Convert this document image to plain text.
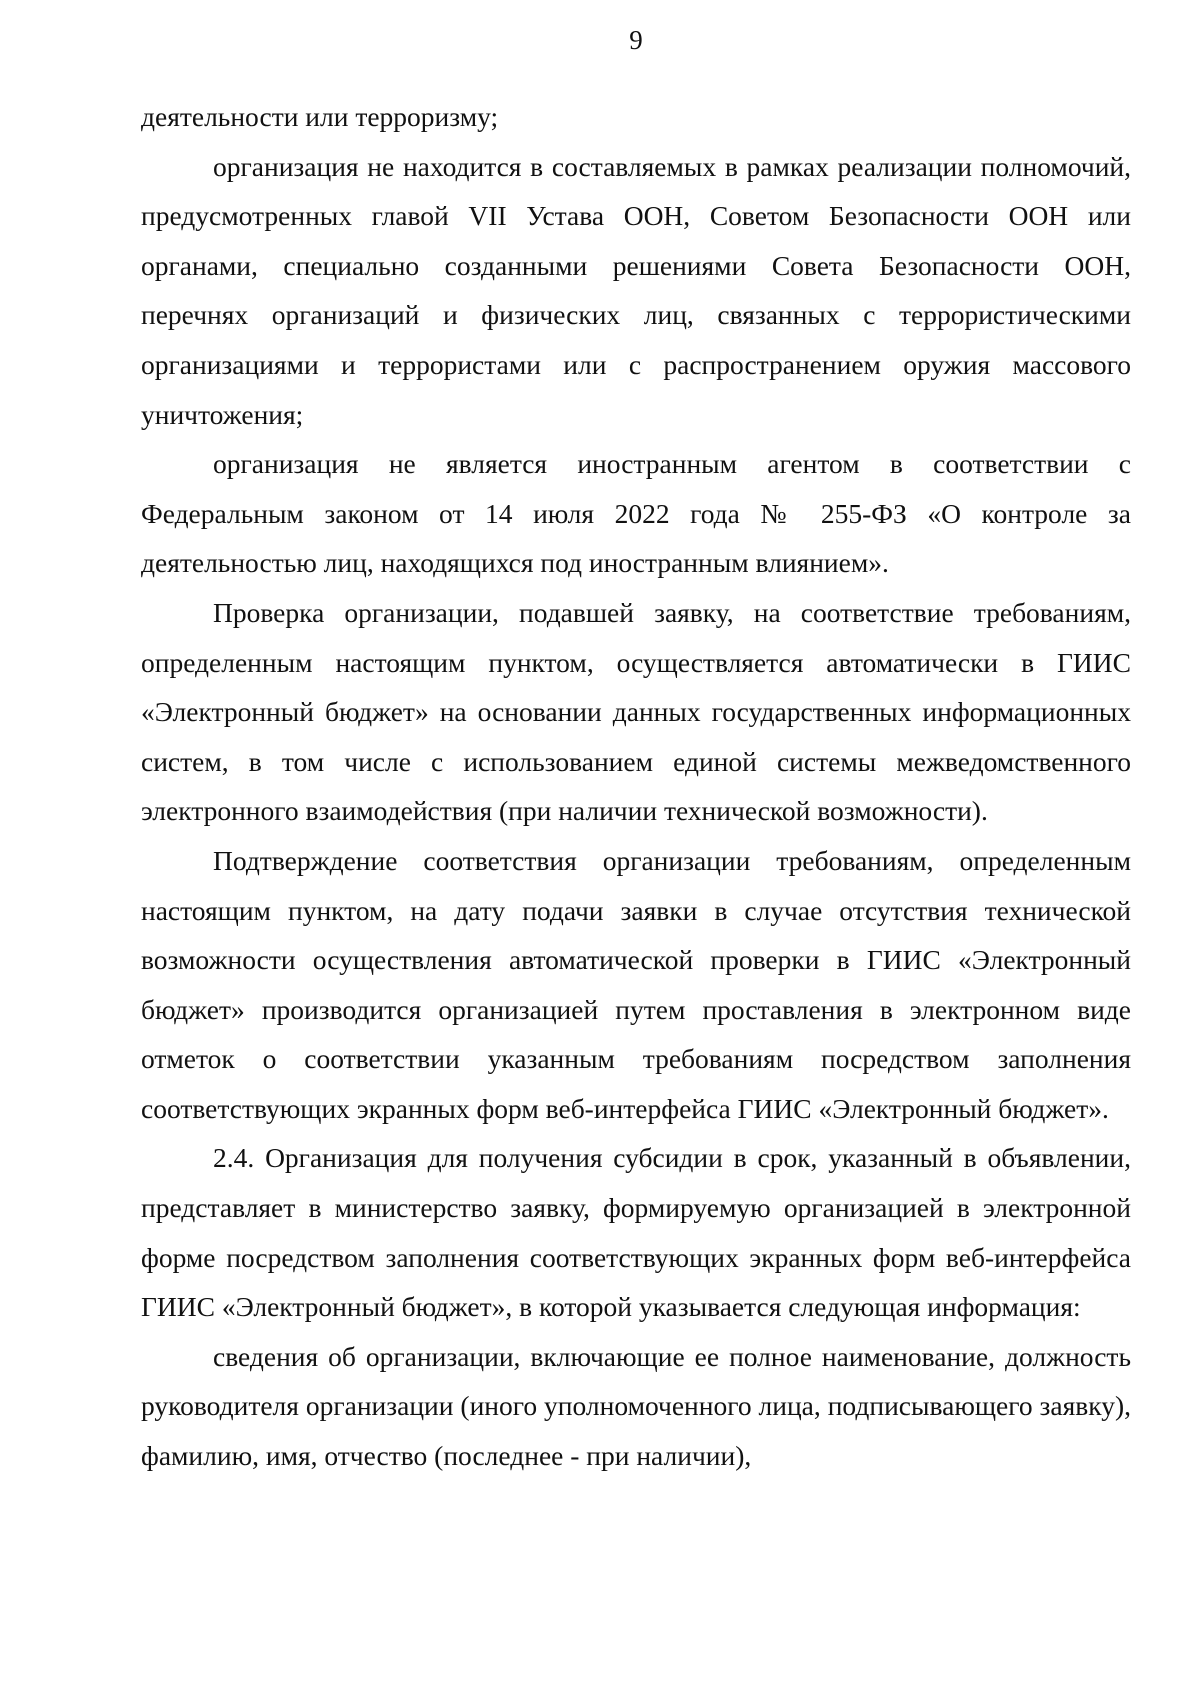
9

деятельности или терроризму;

организация не находится в составляемых в рамках реализации полномочий, предусмотренных главой VII Устава ООН, Советом Безопасности ООН или органами, специально созданными решениями Совета Безопасности ООН, перечнях организаций и физических лиц, связанных с террористическими организациями и террористами или с распространением оружия массового уничтожения;

организация не является иностранным агентом в соответствии с Федеральным законом от 14 июля 2022 года № 255-ФЗ «О контроле за деятельностью лиц, находящихся под иностранным влиянием».

Проверка организации, подавшей заявку, на соответствие требованиям, определенным настоящим пунктом, осуществляется автоматически в ГИИС «Электронный бюджет» на основании данных государственных информационных систем, в том числе с использованием единой системы межведомственного электронного взаимодействия (при наличии технической возможности).

Подтверждение соответствия организации требованиям, определенным настоящим пунктом, на дату подачи заявки в случае отсутствия технической возможности осуществления автоматической проверки в ГИИС «Электронный бюджет» производится организацией путем проставления в электронном виде отметок о соответствии указанным требованиям посредством заполнения соответствующих экранных форм веб-интерфейса ГИИС «Электронный бюджет».

2.4. Организация для получения субсидии в срок, указанный в объявлении, представляет в министерство заявку, формируемую организацией в электронной форме посредством заполнения соответствующих экранных форм веб-интерфейса ГИИС «Электронный бюджет», в которой указывается следующая информация:

сведения об организации, включающие ее полное наименование, должность руководителя организации (иного уполномоченного лица, подписывающего заявку), фамилию, имя, отчество (последнее - при наличии),
